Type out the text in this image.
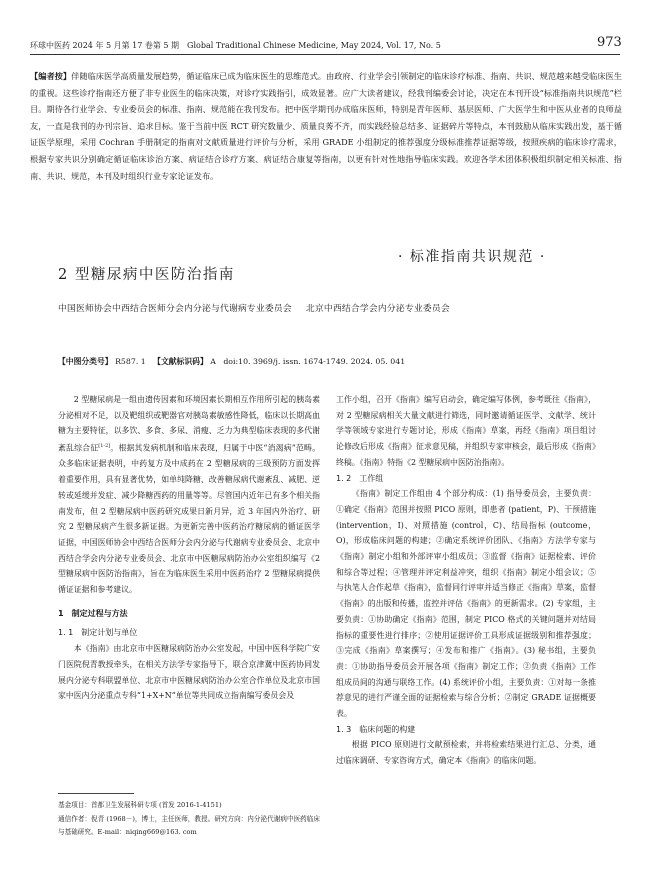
环球中医药 2024 年 5 月第 17 卷第 5 期　Global Traditional Chinese Medicine, May 2024, Vol. 17, No. 5	973
【编者按】伴随临床医学高质量发展趋势，循证临床已成为临床医生的思维范式。由政府、行业学会引领制定的临床诊疗标准、指南、共识、规范越来越受临床医生的重视。这些诊疗指南还方便了非专业医生的临床决策，对诊疗实践指引，成效显著。应广大读者建议，经我刊编委会讨论，决定在本刊开设“标准指南共识规范”栏目。期待各行业学会、专业委员会的标准、指南、规范能在我刊发布。把中医学期刊办成临床医师，特别是青年医师、基层医师、广大医学生和中医从业者的良师益友，一直是我刊的办刊宗旨、追求目标。鉴于当前中医 RCT 研究数量少、质量良莠不齐，而实践经验总结多、证据碎片等特点，本刊鼓励从临床实践出发，基于循证医学原理，采用 Cochran 手册制定的指南对文献质量进行评价与分析，采用 GRADE 小组制定的推荐强度分级标准推荐证据等级，按照疾病的临床诊疗需求，根据专家共识分别确定循证临床诊治方案、病证结合诊疗方案、病证结合康复等指南，以更有针对性地指导临床实践。欢迎各学术团体积极组织制定相关标准、指南、共识、规范，本刊及时组织行业专家论证发布。
· 标准指南共识规范 ·
2 型糖尿病中医防治指南
中国医师协会中西结合医师分会内分泌与代谢病专业委员会 北京中西结合学会内分泌专业委员会
【中图分类号】 R587. 1 【文献标识码】 A doi:10. 3969/j. issn. 1674-1749. 2024. 05. 041

2 型糖尿病是一组由遗传因素和环境因素长期相互作用所引起的胰岛素分泌相对不足，以及靶组织或靶器官对胰岛素敏感性降低，临床以长期高血糖为主要特征，以多饮、多食、多尿、消瘦、乏力为典型临床表现的多代谢紊乱综合征[1-2]。根据其发病机制和临床表现，归属于中医“消渴病”范畴。众多临床证据表明，中药复方及中成药在 2 型糖尿病的三级预防方面发挥着重要作用，具有显著优势，如单纯降糖、改善糖尿病代谢紊乱、减肥、逆转或延缓并发症、减少降糖西药的用量等等。尽管国内近年已有多个相关指南发布，但 2 型糖尿病中医药研究成果日新月异，近 3 年国内外治疗、研究 2 型糖尿病产生很多新证据。为更新完善中医药治疗糖尿病的循证医学证据，中国医师协会中西结合医师分会内分泌与代谢病专业委员会、北京中西结合学会内分泌专业委员会、北京市中医糖尿病防治办公室组织编写《2 型糖尿病中医防治指南》，旨在为临床医生采用中医药治疗 2 型糖尿病提供循证证据和参考建议。

1　制定过程与方法
1. 1　制定计划与单位

本《指南》由北京市中医糖尿病防治办公室发起，中国中医科学院广安门医院倪青教授牵头，在相关方法学专家指导下，联合京津冀中医药协同发展内分泌专科联盟单位、北京市中医糖尿病防治办公室合作单位及北京市国家中医内分泌重点专科“1+X+N”单位等共同成立指南编写委员会及

工作小组，召开《指南》编写启动会，确定编写体例，参考既往《指南》，对 2 型糖尿病相关大量文献进行筛选，同时邀请循证医学、文献学、统计学等领域专家进行专题讨论，形成《指南》草案，再经《指南》项目组讨论修改后形成《指南》征求意见稿，并组织专家审核会，最后形成《指南》终稿。《指南》特指《2 型糖尿病中医防治指南》。

1. 2　工作组

《指南》制定工作组由 4 个部分构成：(1) 指导委员会，主要负责：①确定《指南》范围并按照 PICO 原则，即患者 (patient，P)、干预措施 (intervention，I)、对照措施 (control，C)、结局指标 (outcome，O)，形成临床问题的构建；②确定系统评价团队、《指南》方法学专家与《指南》制定小组和外部评审小组成员；③监督《指南》证据检索、评价和综合等过程；④管理并评定利益冲突，组织《指南》制定小组会议；⑤与执笔人合作起草《指南》，监督同行评审并适当修正《指南》草案，监督《指南》的出版和传播，监控并评估《指南》的更新需求。(2) 专家组，主要负责：①协助确定《指南》范围，制定 PICO 格式的关键问题并对结局指标的重要性进行排序；②使用证据评价工具形成证据级别和推荐强度；③完成《指南》草案撰写；④发布和推广《指南》。(3) 秘书组，主要负责：①协助指导委员会开展各项《指南》制定工作；②负责《指南》工作组成员间的沟通与联络工作。(4) 系统评价小组，主要负责：①对每一条推荐意见的进行严谨全面的证据检索与综合分析；②制定 GRADE 证据概要表。

1. 3　临床问题的构建

根据 PICO 原则进行文献预检索，并将检索结果进行汇总、分类，通过临床调研、专家咨询方式，确定本《指南》的临床问题。

基金项目：首都卫生发展科研专项 (首发 2016-1-4151)

通信作者：倪青 (1968－)，博士，主任医师，教授。研究方向：内分泌代谢病中医药临床与基础研究。E-mail：niqing669@163. com
